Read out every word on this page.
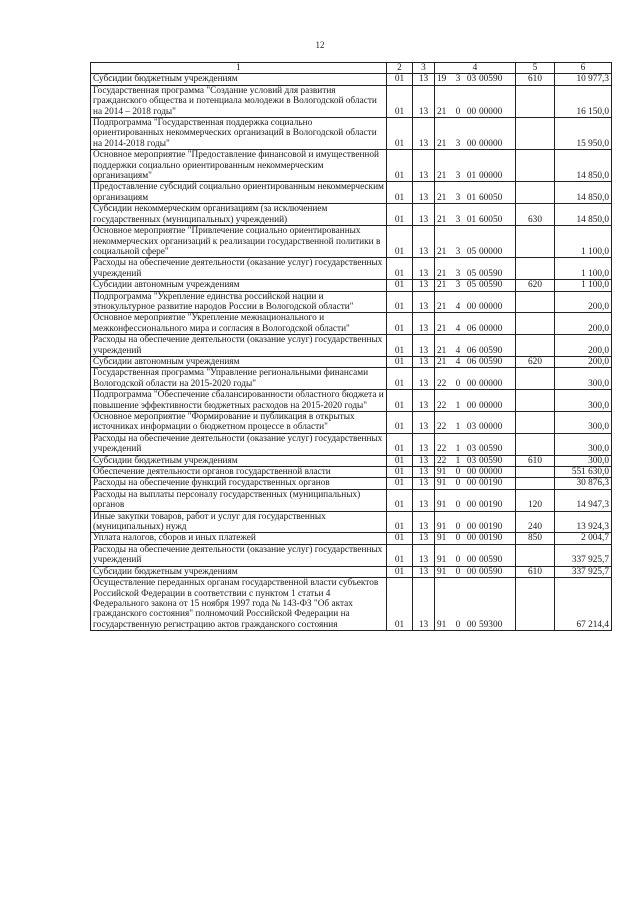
12
1	2	3	4	5	6
Субсидии бюджетным учреждениям	01	13	19 3 03 00590	610	10 977,3
Государственная программа "Создание условий для развития гражданского общества и потенциала молодежи в Вологодской области на 2014 – 2018 годы"	01	13	21 0 00 00000		16 150,0
Подпрограмма "Государственная поддержка социально ориентированных некоммерческих организаций в Вологодской области на 2014-2018 годы"	01	13	21 3 00 00000		15 950,0
Основное мероприятие "Предоставление финансовой и имущественной поддержки социально ориентированным некоммерческим организациям"	01	13	21 3 01 00000		14 850,0
Предоставление субсидий социально ориентированным некоммерческим организациям	01	13	21 3 01 60050		14 850,0
Субсидии некоммерческим организациям (за исключением государственных (муниципальных) учреждений)	01	13	21 3 01 60050	630	14 850,0
Основное мероприятие "Привлечение социально ориентированных некоммерческих организаций к реализации государственной политики в социальной сфере"	01	13	21 3 05 00000		1 100,0
Расходы на обеспечение деятельности (оказание услуг) государственных учреждений	01	13	21 3 05 00590		1 100,0
Субсидии автономным учреждениям	01	13	21 3 05 00590	620	1 100,0
Подпрограмма "Укрепление единства российской нации и этнокультурное развитие народов России в Вологодской области"	01	13	21 4 00 00000		200,0
Основное мероприятие "Укрепление межнационального и межконфессионального мира и согласия в Вологодской области"	01	13	21 4 06 00000		200,0
Расходы на обеспечение деятельности (оказание услуг) государственных учреждений	01	13	21 4 06 00590		200,0
Субсидии автономным учреждениям	01	13	21 4 06 00590	620	200,0
Государственная программа "Управление региональными финансами Вологодской области на 2015-2020 годы"	01	13	22 0 00 00000		300,0
Подпрограмма "Обеспечение сбалансированности областного бюджета и повышение эффективности бюджетных расходов на 2015-2020 годы"	01	13	22 1 00 00000		300,0
Основное мероприятие "Формирование и публикация в открытых источниках информации о бюджетном процессе в области"	01	13	22 1 03 00000		300,0
Расходы на обеспечение деятельности (оказание услуг) государственных учреждений	01	13	22 1 03 00590		300,0
Субсидии бюджетным учреждениям	01	13	22 1 03 00590	610	300,0
Обеспечение деятельности органов государственной власти	01	13	91 0 00 00000		551 630,0
Расходы на обеспечение функций государственных органов	01	13	91 0 00 00190		30 876,3
Расходы на выплаты персоналу государственных (муниципальных) органов	01	13	91 0 00 00190	120	14 947,3
Иные закупки товаров, работ и услуг для государственных (муниципальных) нужд	01	13	91 0 00 00190	240	13 924,3
Уплата налогов, сборов и иных платежей	01	13	91 0 00 00190	850	2 004,7
Расходы на обеспечение деятельности (оказание услуг) государственных учреждений	01	13	91 0 00 00590		337 925,7
Субсидии бюджетным учреждениям	01	13	91 0 00 00590	610	337 925,7
Осуществление переданных органам государственной власти субъектов Российской Федерации в соответствии с пунктом 1 статьи 4 Федерального закона от 15 ноября 1997 года № 143-ФЗ "Об актах гражданского состояния" полномочий Российской Федерации на государственную регистрацию актов гражданского состояния	01	13	91 0 00 59300		67 214,4
